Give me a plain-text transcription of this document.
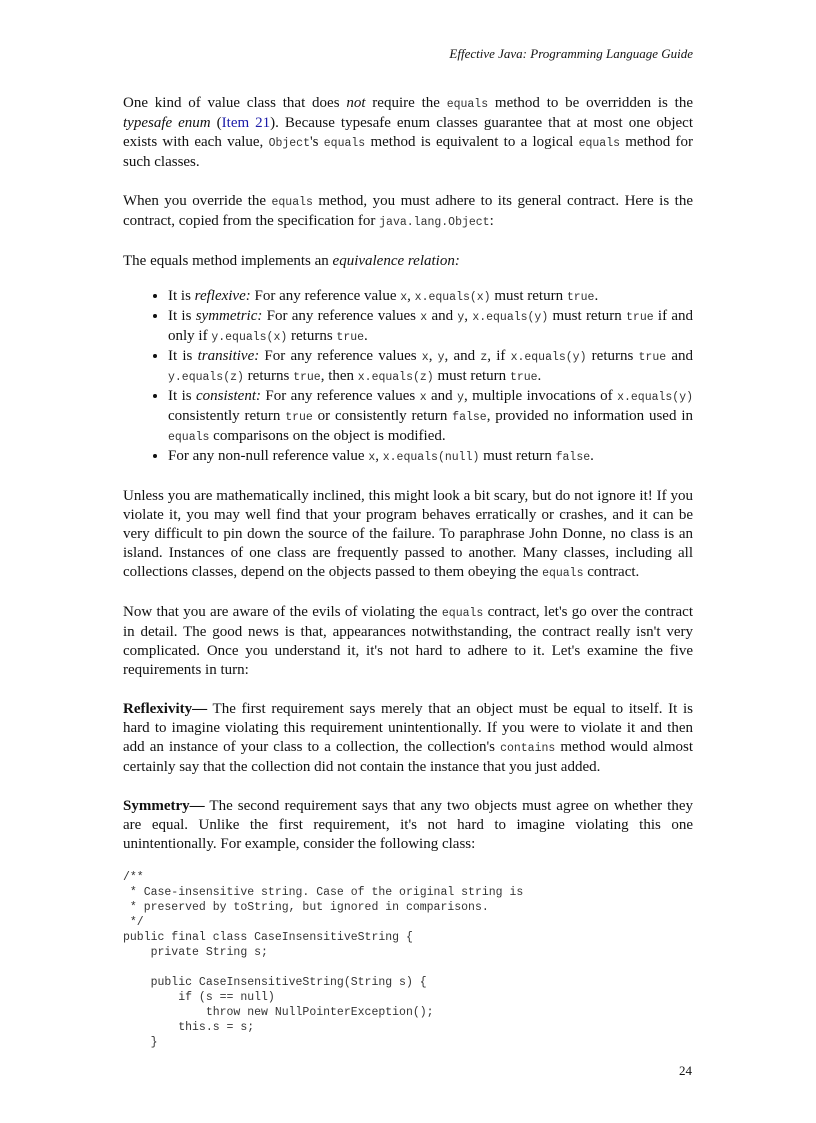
Effective Java: Programming Language Guide

One kind of value class that does not require the equals method to be overridden is the typesafe enum (Item 21). Because typesafe enum classes guarantee that at most one object exists with each value, Object's equals method is equivalent to a logical equals method for such classes.

When you override the equals method, you must adhere to its general contract. Here is the contract, copied from the specification for java.lang.Object:

The equals method implements an equivalence relation:

• It is reflexive: For any reference value x, x.equals(x) must return true.
• It is symmetric: For any reference values x and y, x.equals(y) must return true if and only if y.equals(x) returns true.
• It is transitive: For any reference values x, y, and z, if x.equals(y) returns true and y.equals(z) returns true, then x.equals(z) must return true.
• It is consistent: For any reference values x and y, multiple invocations of x.equals(y) consistently return true or consistently return false, provided no information used in equals comparisons on the object is modified.
• For any non-null reference value x, x.equals(null) must return false.

Unless you are mathematically inclined, this might look a bit scary, but do not ignore it! If you violate it, you may well find that your program behaves erratically or crashes, and it can be very difficult to pin down the source of the failure. To paraphrase John Donne, no class is an island. Instances of one class are frequently passed to another. Many classes, including all collections classes, depend on the objects passed to them obeying the equals contract.

Now that you are aware of the evils of violating the equals contract, let's go over the contract in detail. The good news is that, appearances notwithstanding, the contract really isn't very complicated. Once you understand it, it's not hard to adhere to it. Let's examine the five requirements in turn:

Reflexivity— The first requirement says merely that an object must be equal to itself. It is hard to imagine violating this requirement unintentionally. If you were to violate it and then add an instance of your class to a collection, the collection's contains method would almost certainly say that the collection did not contain the instance that you just added.

Symmetry— The second requirement says that any two objects must agree on whether they are equal. Unlike the first requirement, it's not hard to imagine violating this one unintentionally. For example, consider the following class:

/**
* Case-insensitive string. Case of the original string is
* preserved by toString, but ignored in comparisons.
*/
public final class CaseInsensitiveString {
private String s;

public CaseInsensitiveString(String s) {
if (s == null)
throw new NullPointerException();
this.s = s;
}
24
